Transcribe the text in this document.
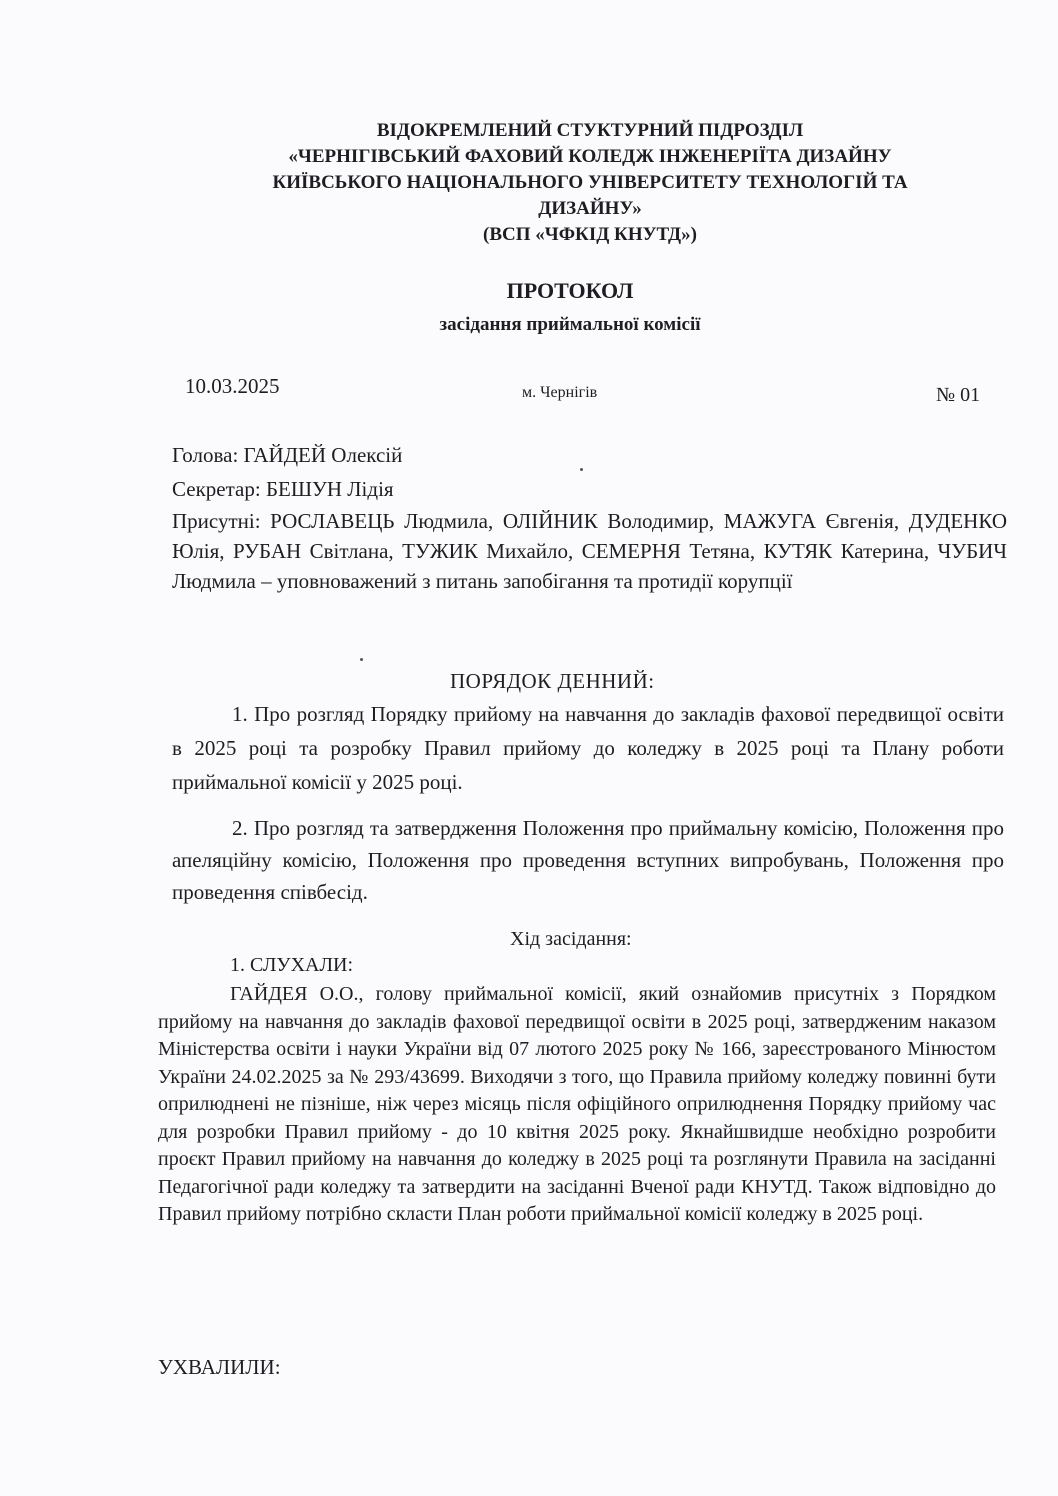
ВІДОКРЕМЛЕНИЙ СТУКТУРНИЙ ПІДРОЗДІЛ
«ЧЕРНІГІВСЬКИЙ ФАХОВИЙ КОЛЕДЖ ІНЖЕНЕРІЇТА ДИЗАЙНУ
КИЇВСЬКОГО НАЦІОНАЛЬНОГО УНІВЕРСИТЕТУ ТЕХНОЛОГІЙ ТА
ДИЗАЙНУ»
(ВСП «ЧФКІД КНУТД»)
ПРОТОКОЛ
засідання приймальної комісії
10.03.2025	м. Чернігів	№ 01
Голова: ГАЙДЕЙ Олексій
Секретар: БЕШУН Лідія
Присутні: РОСЛАВЕЦЬ Людмила, ОЛІЙНИК Володимир, МАЖУГА Євгенія, ДУДЕНКО Юлія, РУБАН Світлана, ТУЖИК Михайло, СЕМЕРНЯ Тетяна, КУТЯК Катерина, ЧУБИЧ Людмила – уповноважений з питань запобігання та протидії корупції
ПОРЯДОК ДЕННИЙ:
1. Про розгляд Порядку прийому на навчання до закладів фахової передвищої освіти в 2025 році та розробку Правил прийому до коледжу в 2025 році та Плану роботи приймальної комісії у 2025 році.
2. Про розгляд та затвердження Положення про приймальну комісію, Положення про апеляційну комісію, Положення про проведення вступних випробувань, Положення про проведення співбесід.
Хід засідання:
1. СЛУХАЛИ:
ГАЙДЕЯ О.О., голову приймальної комісії, який ознайомив присутніх з Порядком прийому на навчання до закладів фахової передвищої освіти в 2025 році, затвердженим наказом Міністерства освіти і науки України від 07 лютого 2025 року № 166, зареєстрованого Мінюстом України 24.02.2025 за № 293/43699. Виходячи з того, що Правила прийому коледжу повинні бути оприлюднені не пізніше, ніж через місяць після офіційного оприлюднення Порядку прийому час для розробки Правил прийому - до 10 квітня 2025 року. Якнайшвидше необхідно розробити проєкт Правил прийому на навчання до коледжу в 2025 році та розглянути Правила на засіданні Педагогічної ради коледжу та затвердити на засіданні Вченої ради КНУТД. Також відповідно до Правил прийому потрібно скласти План роботи приймальної комісії коледжу в 2025 році.
УХВАЛИЛИ:
